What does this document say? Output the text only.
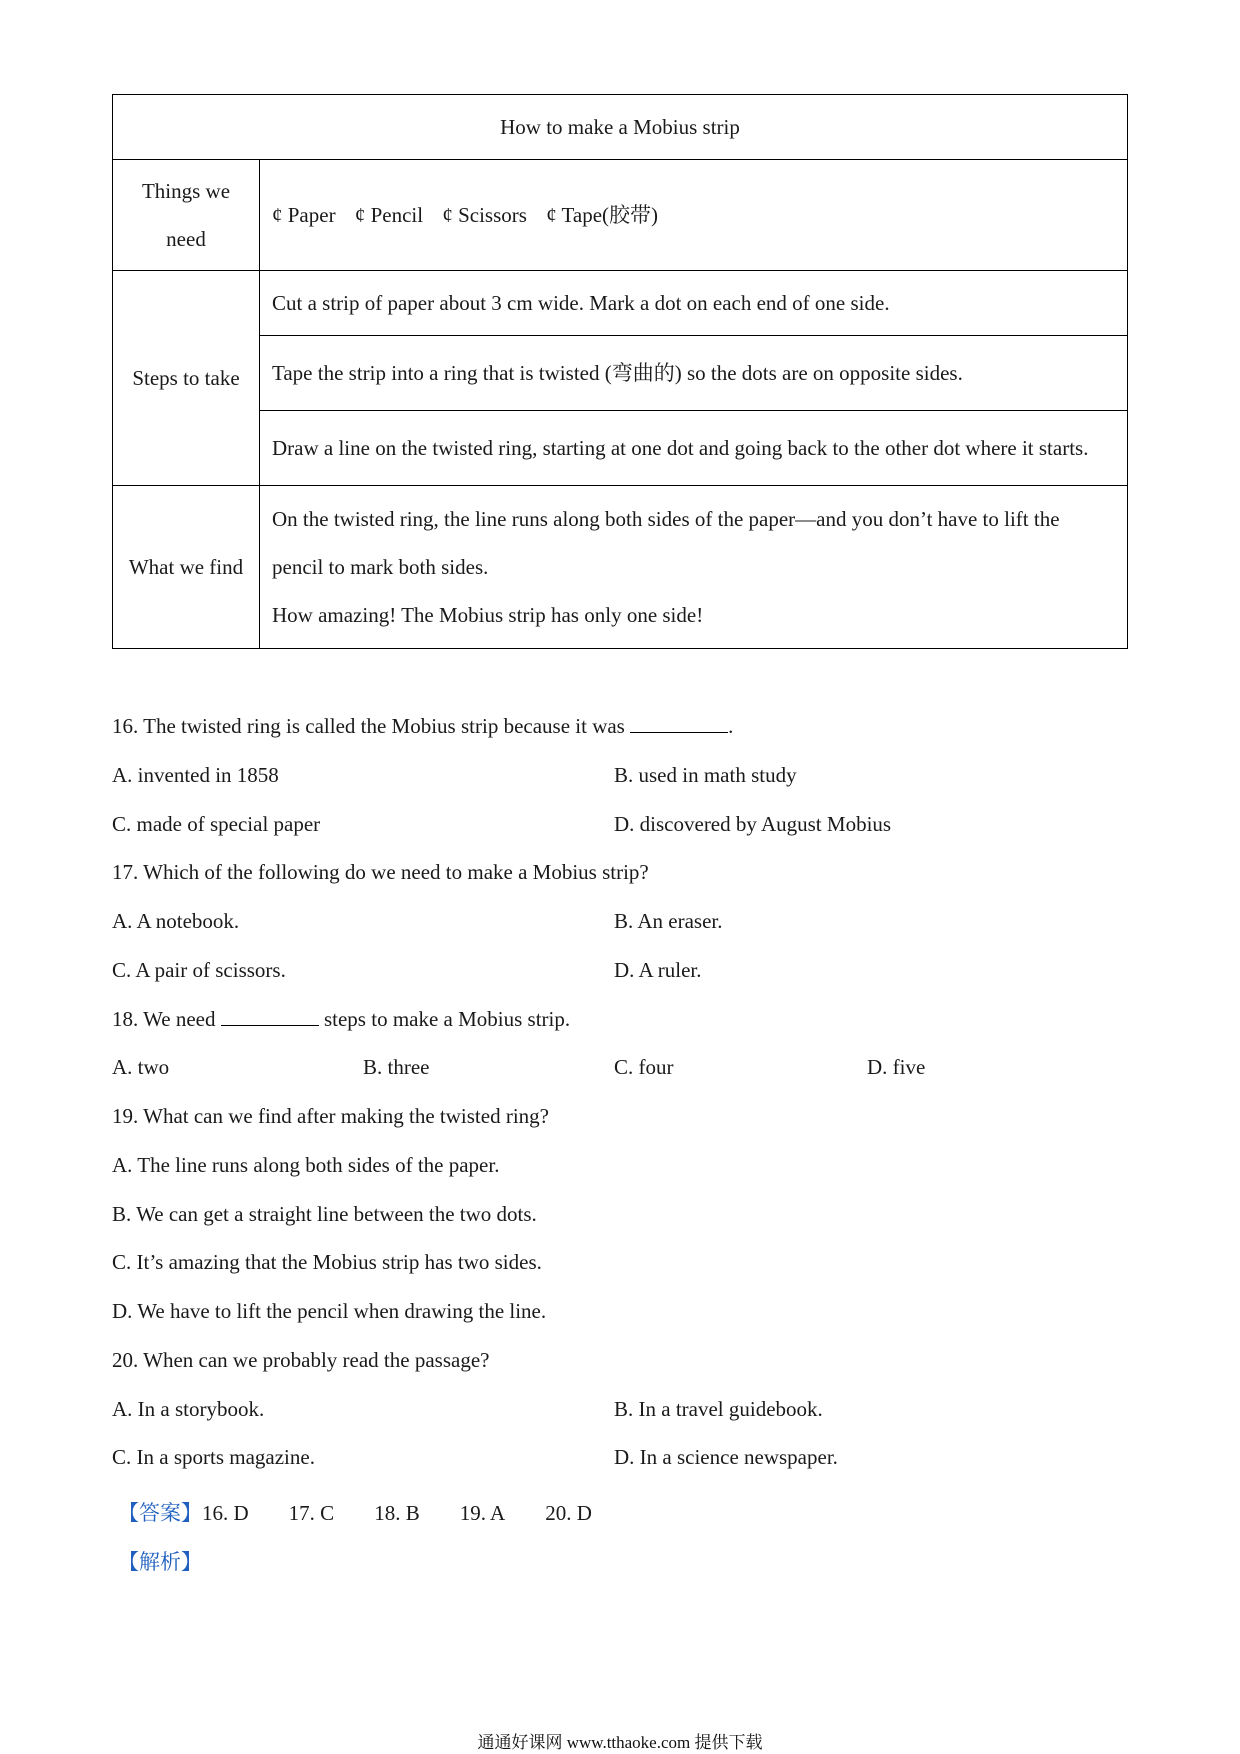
How to make a Mobius strip	
Things we
need	¢ Paper ¢ Pencil ¢ Scissors ¢ Tape(胶带)
Steps to take	Cut a strip of paper about 3 cm wide. Mark a dot on each end of one side.
	Tape the strip into a ring that is twisted (弯曲的) so the dots are on opposite sides.
	Draw a line on the twisted ring, starting at one dot and going back to the other dot where it starts.
What we find	On the twisted ring, the line runs along both sides of the paper—and you don’t have to lift the
pencil to mark both sides.
How amazing! The Mobius strip has only one side!
16. The twisted ring is called the Mobius strip because it was	.
A. invented in 1858	B. used in math study
C. made of special paper	D. discovered by August Mobius
17. Which of the following do we need to make a Mobius strip?
A. A notebook.	B. An eraser.
C. A pair of scissors.	D. A ruler.
18. We need	steps to make a Mobius strip.
A. two	B. three	C. four	D. five
19. What can we find after making the twisted ring?
A. The line runs along both sides of the paper.
B. We can get a straight line between the two dots.
C. It’s amazing that the Mobius strip has two sides.
D. We have to lift the pencil when drawing the line.
20. When can we probably read the passage?
A. In a storybook.	B. In a travel guidebook.
C. In a sports magazine.	D. In a science newspaper.
【答案】16. D 17. C 18. B 19. A 20. D
【解析】
通通好课网 www.tthaoke.com 提供下载
